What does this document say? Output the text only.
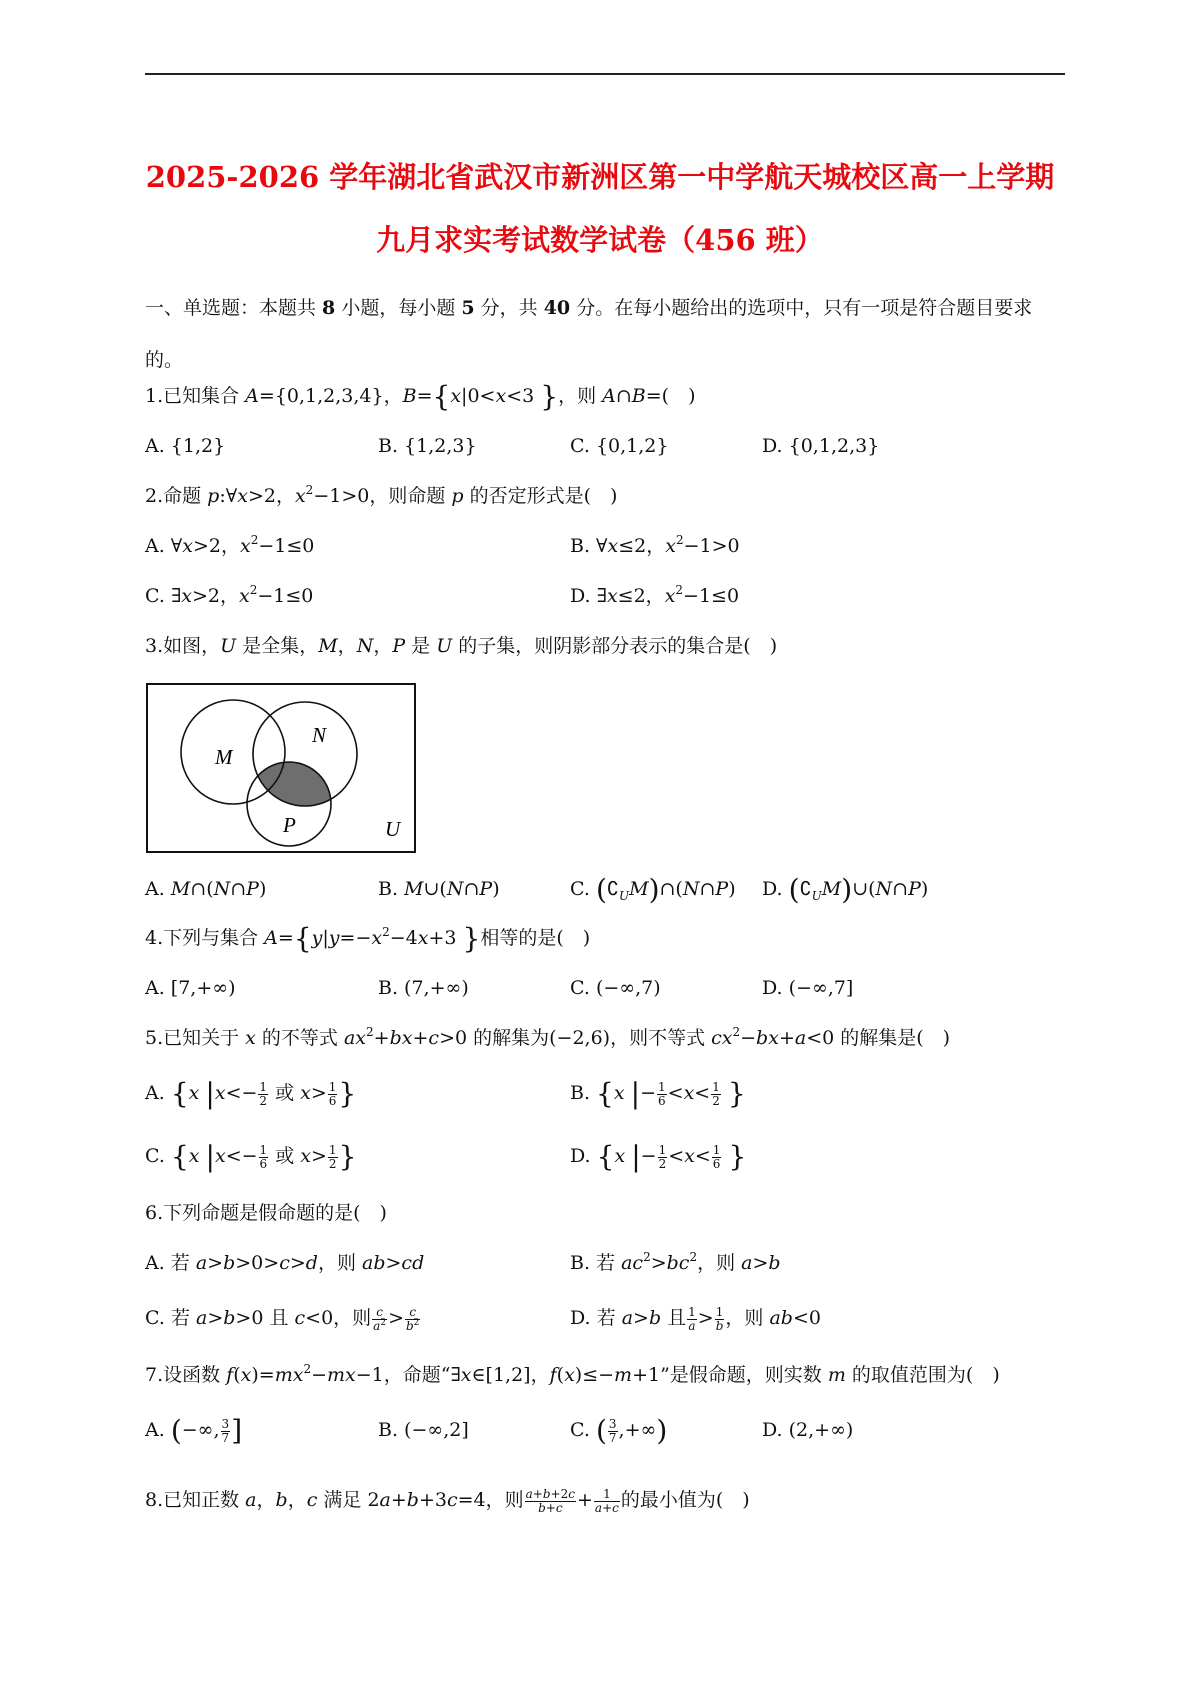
2025-2026 学年湖北省武汉市新洲区第一中学航天城校区高一上学期
九月求实考试数学试卷（456 班）
一、单选题：本题共 8 小题，每小题 5 分，共 40 分。在每小题给出的选项中，只有一项是符合题目要求的。
1.已知集合 A={0,1,2,3,4}，B={x|0<x<3 }，则 A∩B=(　)
A. {1,2}	B. {1,2,3}	C. {0,1,2}	D. {0,1,2,3}
2.命题 p:∀x>2，$x^2-1>0$，则命题 p 的否定形式是(　)
A. ∀x>2，$x^2-1\le 0$	B. ∀x≤2，$x^2-1>0$
C. ∃x>2，$x^2-1\le 0$	D. ∃x≤2，$x^2-1\le 0$
3.如图，U 是全集，M，N，P 是 U 的子集，则阴影部分表示的集合是(　)
M
N
P	U
A. M∩(N∩P)	B. M∪(N∩P)	C. $(∁_UM)\cap(N\cap P)$ D. $(∁_UM)\cup(N\cap P)$
4.下列与集合 $A=\{y|y=-x^2-4x+3$ }相等的是(　)
A. [7,+∞)	B. (7,+∞)	C. (−∞,7)	D. (−∞,7]
5.已知关于 x 的不等式 $ax^2+bx+c>0$ 的解集为(−2,6)，则不等式 $cx^2-bx+a<0$ 的解集是(　)
A. {x $|x<- \frac{1}{2}$ 或 $x> \frac{1}{6}$ }	B. {x |− $\frac{1}{6} <x< \frac{1}{2}$ }
C. {x $|x<- \frac{1}{6}$ 或 $x> \frac{1}{2}$ }	D. {x |− $\frac{1}{2} <x< \frac{1}{6}$ }
6.下列命题是假命题的是(　)
A. 若 a>b>0>c>d，则 ab>cd	B. 若 $ac^2>bc^2$，则 a>b
C. 若 a>b>0 且 c<0，则 $\frac{c}{a^2} > \frac{c}{b^2}$	D. 若 a>b 且 $\frac{1}{a} > \frac{1}{b}$ ，则 ab<0
7.设函数 $f(x)=mx^2-mx-1$，命题“∃x∈[1,2]，f(x)≤−m+1”是假命题，则实数 m 的取值范围为(　)
A. (−∞, $\frac{3}{7}$ ]	B. (−∞,2]	C. ( $\frac{3}{7}$ ,+∞)	D. (2,+∞)
8.已知正数 a，b，c 满足 2a+b+3c=4，则 $\frac{a+b+2c}{b+c} + \frac{1}{a+c}$ 的最小值为(　)
